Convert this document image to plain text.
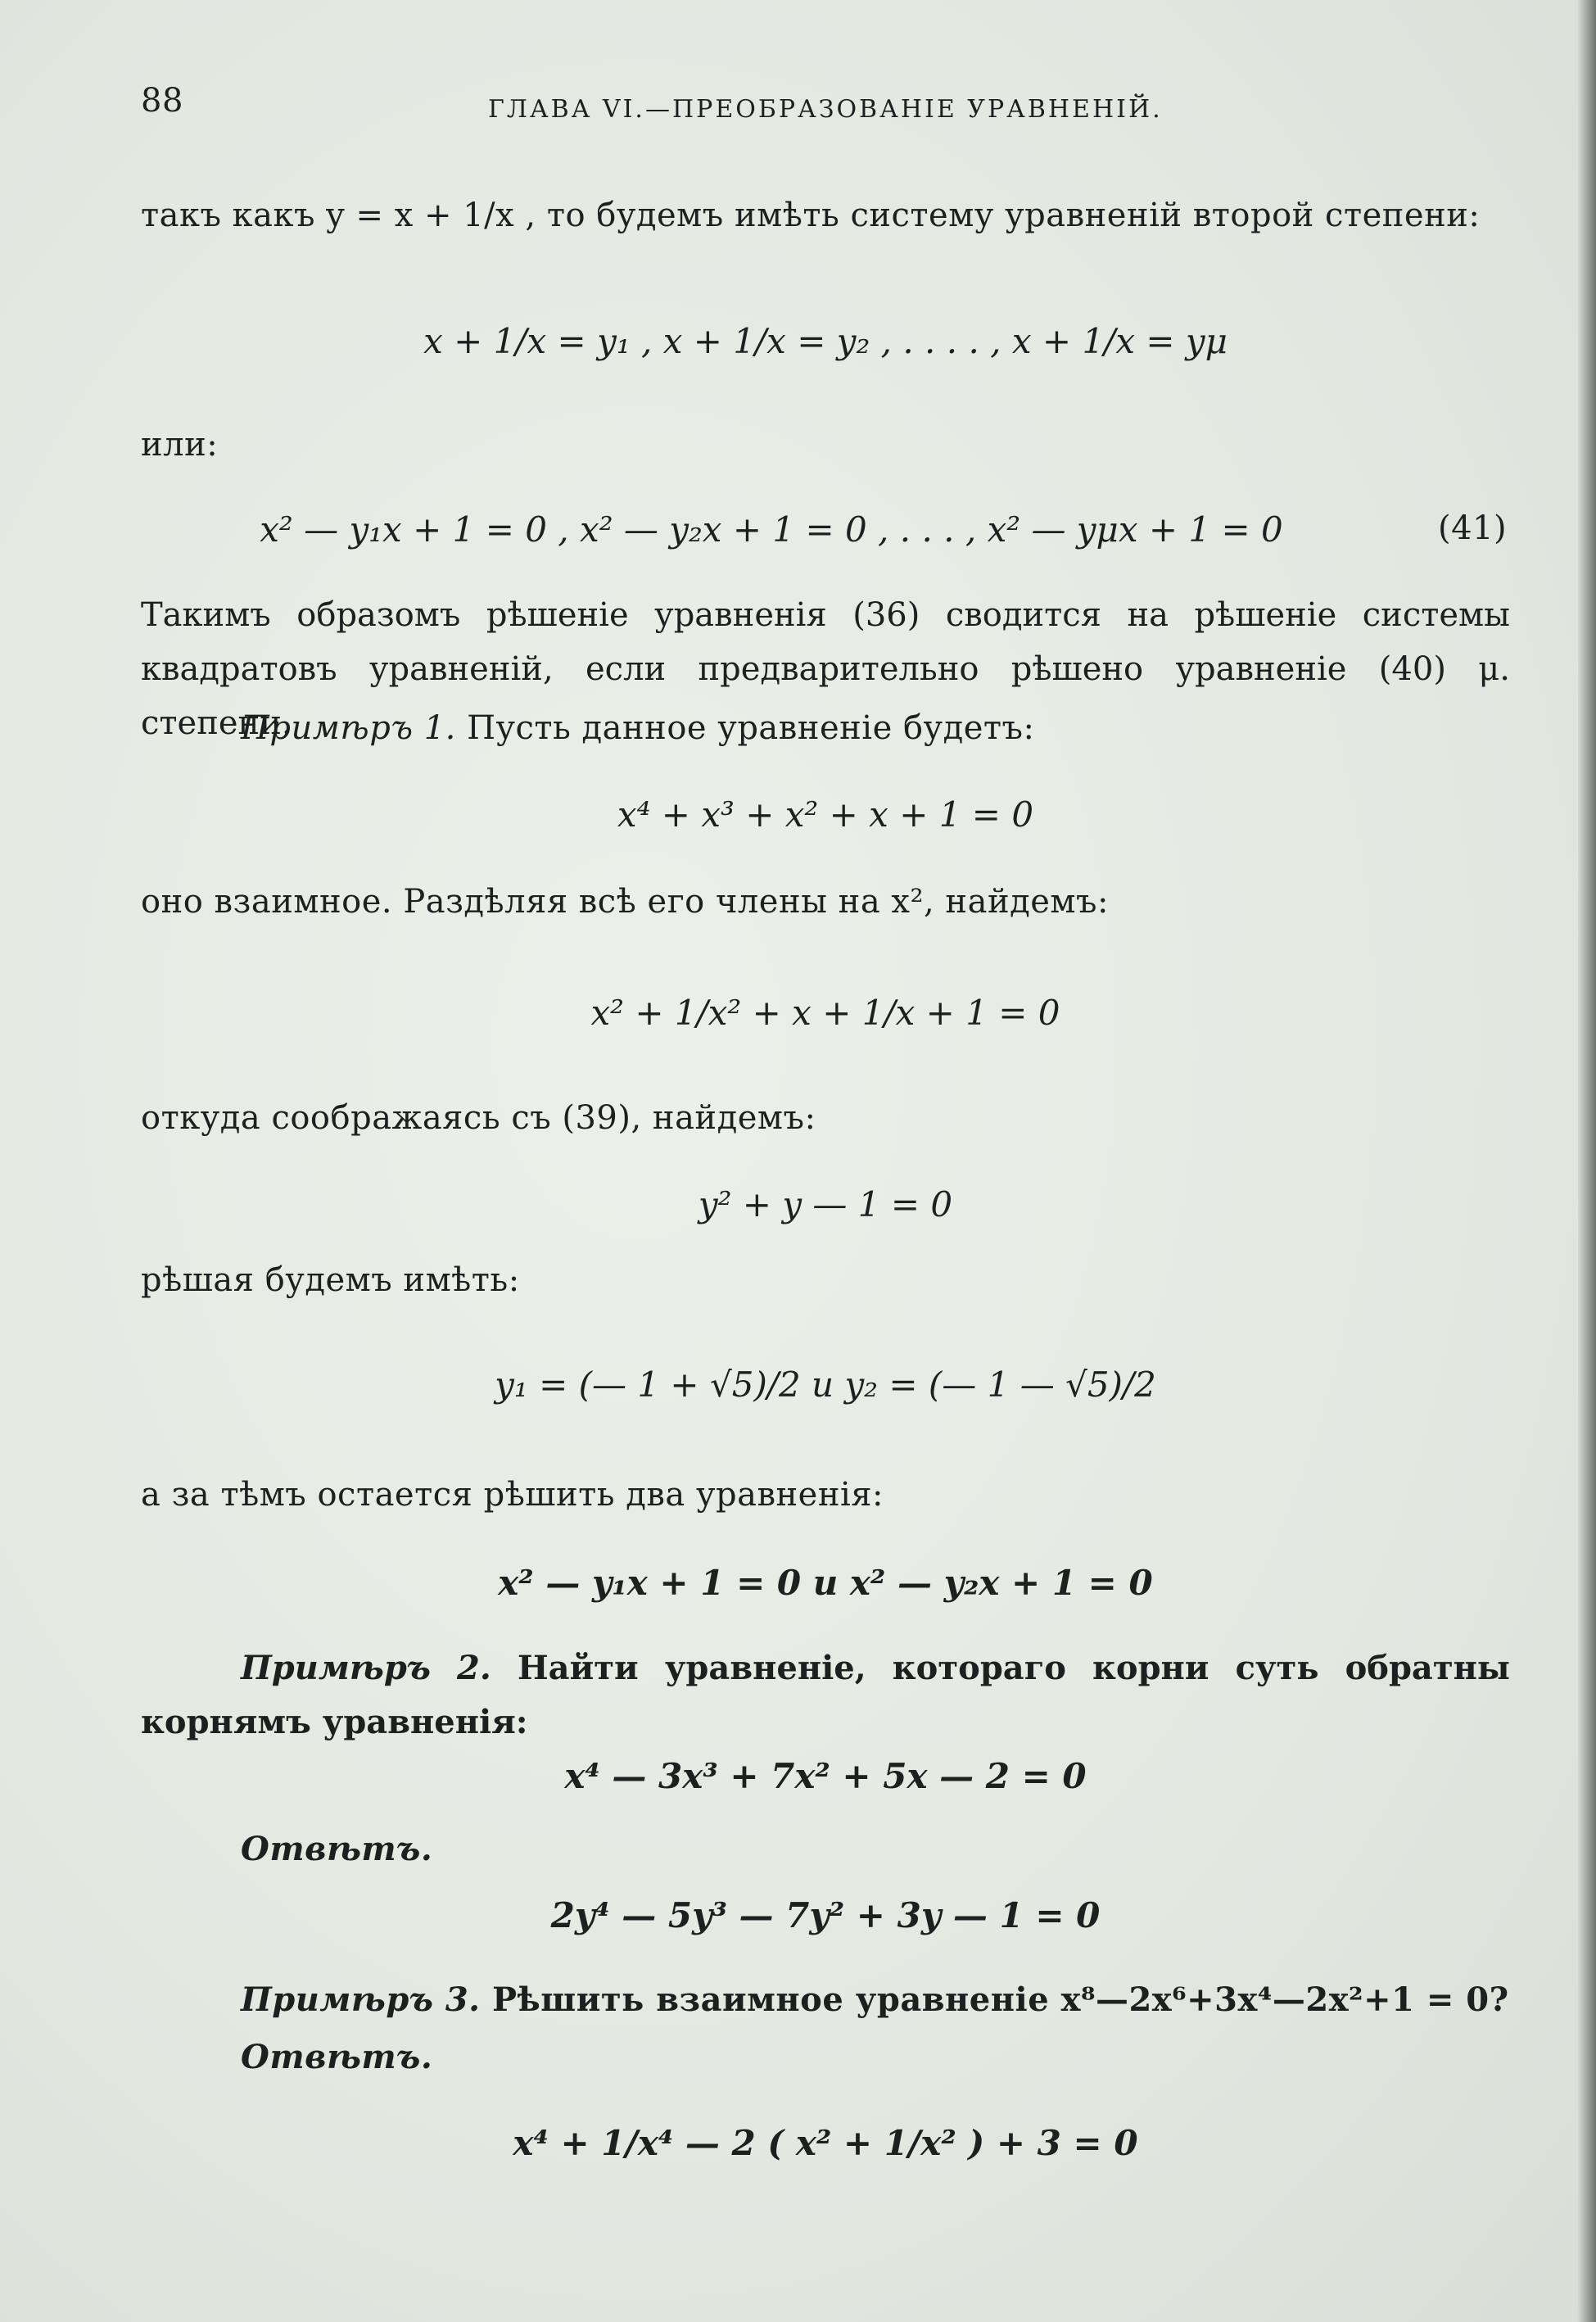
88	ГЛАВА VI.—ПРЕОБРАЗОВАНІЕ УРАВНЕНІЙ.
такъ какъ y = x + 1/x , то будемъ имѣть систему уравненій второй степени:
x + 1/x = y₁ , x + 1/x = y₂ , . . . . , x + 1/x = yμ
или:
x² — y₁x + 1 = 0 , x² — y₂x + 1 = 0 , . . . , x² — yμx + 1 = 0	(41)
Такимъ образомъ рѣшеніе уравненія (36) сводится на рѣшеніе системы квадратовъ уравненій, если предварительно рѣшено уравненіе (40) μ. степени.
Примѣръ 1. Пусть данное уравненіе будетъ:
x⁴ + x³ + x² + x + 1 = 0
оно взаимное. Раздѣляя всѣ его члены на x², найдемъ:
x² + 1/x² + x + 1/x + 1 = 0
откуда соображаясь съ (39), найдемъ:
y² + y — 1 = 0
рѣшая будемъ имѣть:
y₁ = (— 1 + √5)/2 и y₂ = (— 1 — √5)/2
а за тѣмъ остается рѣшить два уравненія:
x² — y₁x + 1 = 0 и x² — y₂x + 1 = 0
Примѣръ 2. Найти уравненіе, котораго корни суть обратны корнямъ уравненія:
x⁴ — 3x³ + 7x² + 5x — 2 = 0
Отвѣтъ.
2y⁴ — 5y³ — 7y² + 3y — 1 = 0
Примѣръ 3. Рѣшить взаимное уравненіе x⁸—2x⁶+3x⁴—2x²+1 = 0?
Отвѣтъ.
x⁴ + 1/x⁴ — 2 ( x² + 1/x² ) + 3 = 0
